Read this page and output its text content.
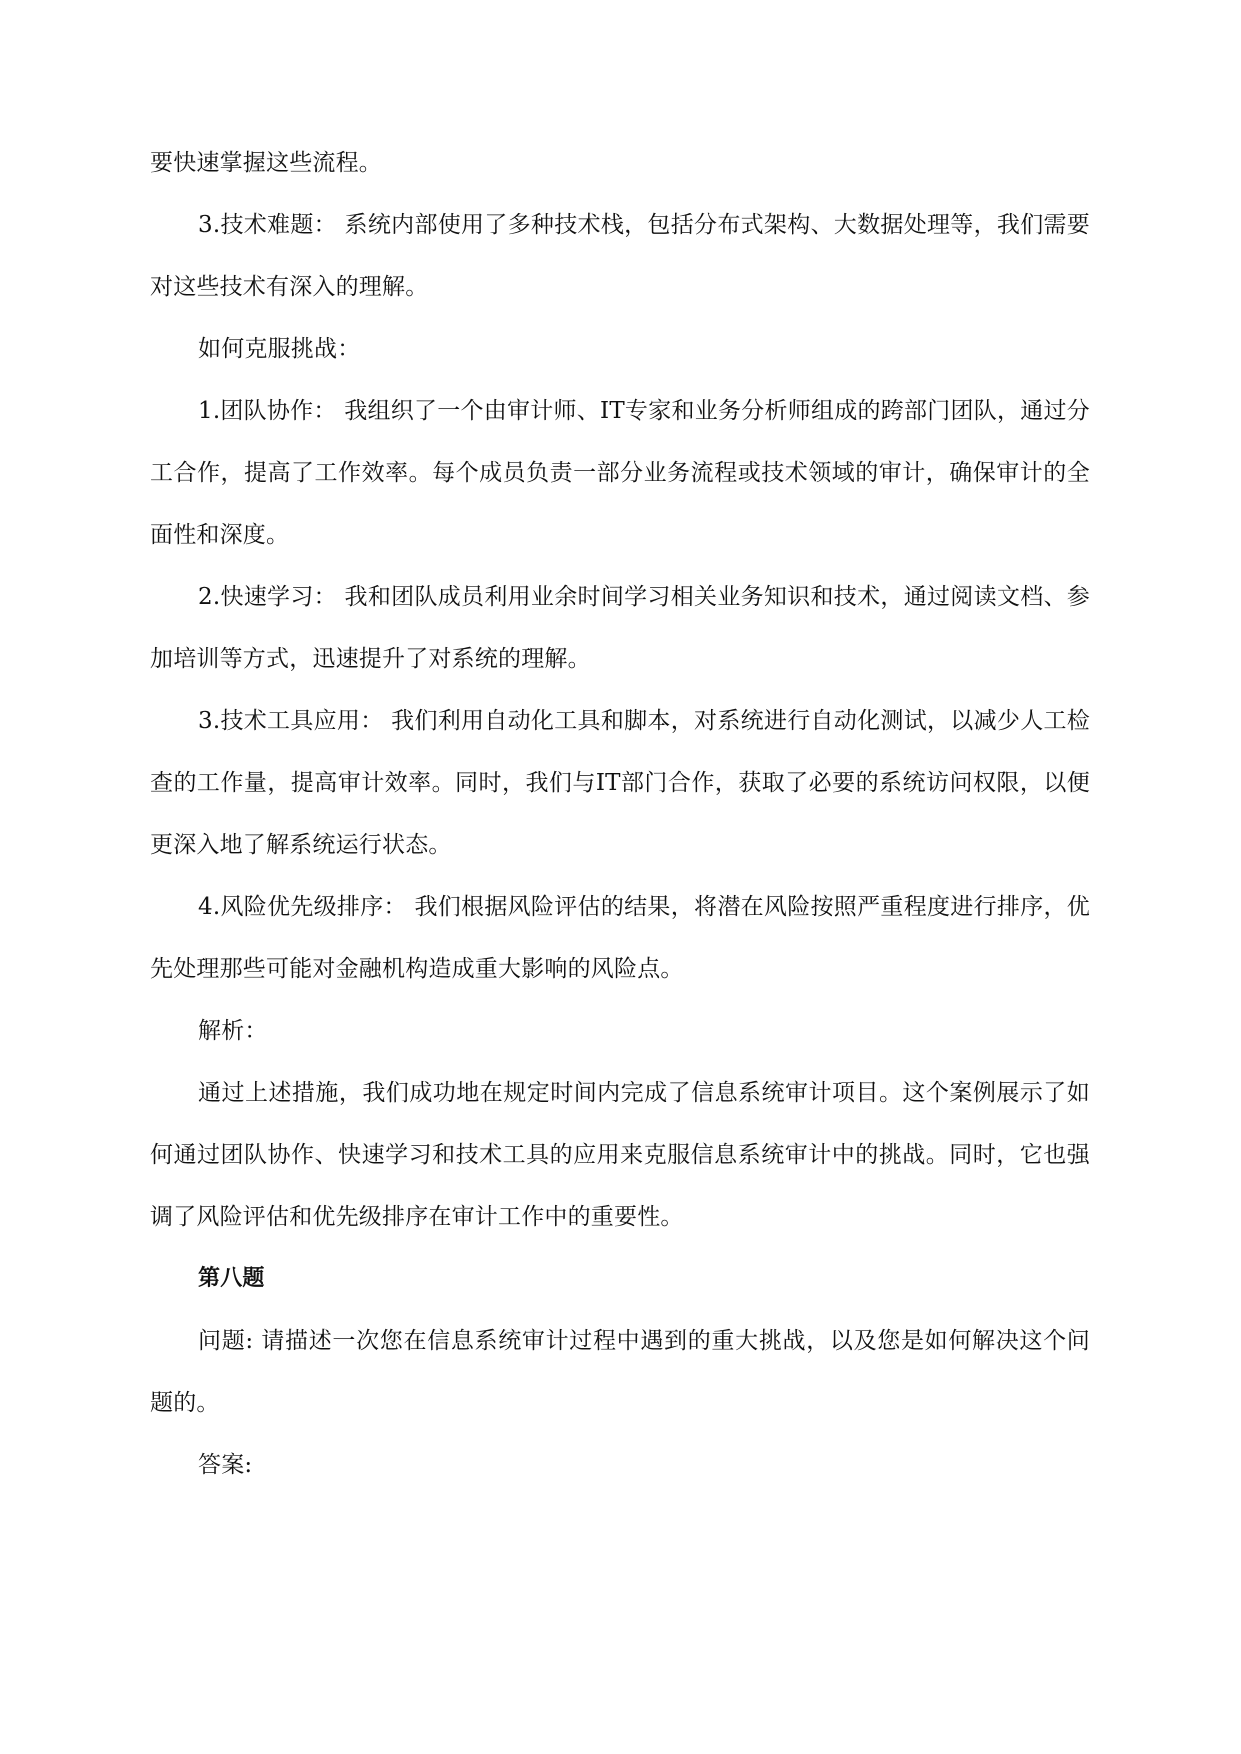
要快速掌握这些流程。

3.技术难题： 系统内部使用了多种技术栈，包括分布式架构、大数据处理等，我们需要对这些技术有深入的理解。

如何克服挑战：

1.团队协作： 我组织了一个由审计师、IT专家和业务分析师组成的跨部门团队，通过分工合作，提高了工作效率。每个成员负责一部分业务流程或技术领域的审计，确保审计的全面性和深度。

2.快速学习： 我和团队成员利用业余时间学习相关业务知识和技术，通过阅读文档、参加培训等方式，迅速提升了对系统的理解。

3.技术工具应用： 我们利用自动化工具和脚本，对系统进行自动化测试，以减少人工检查的工作量，提高审计效率。同时，我们与IT部门合作，获取了必要的系统访问权限，以便更深入地了解系统运行状态。

4.风险优先级排序： 我们根据风险评估的结果，将潜在风险按照严重程度进行排序，优先处理那些可能对金融机构造成重大影响的风险点。

解析：

通过上述措施，我们成功地在规定时间内完成了信息系统审计项目。这个案例展示了如何通过团队协作、快速学习和技术工具的应用来克服信息系统审计中的挑战。同时，它也强调了风险评估和优先级排序在审计工作中的重要性。

第八题

问题: 请描述一次您在信息系统审计过程中遇到的重大挑战，以及您是如何解决这个问题的。

答案:
